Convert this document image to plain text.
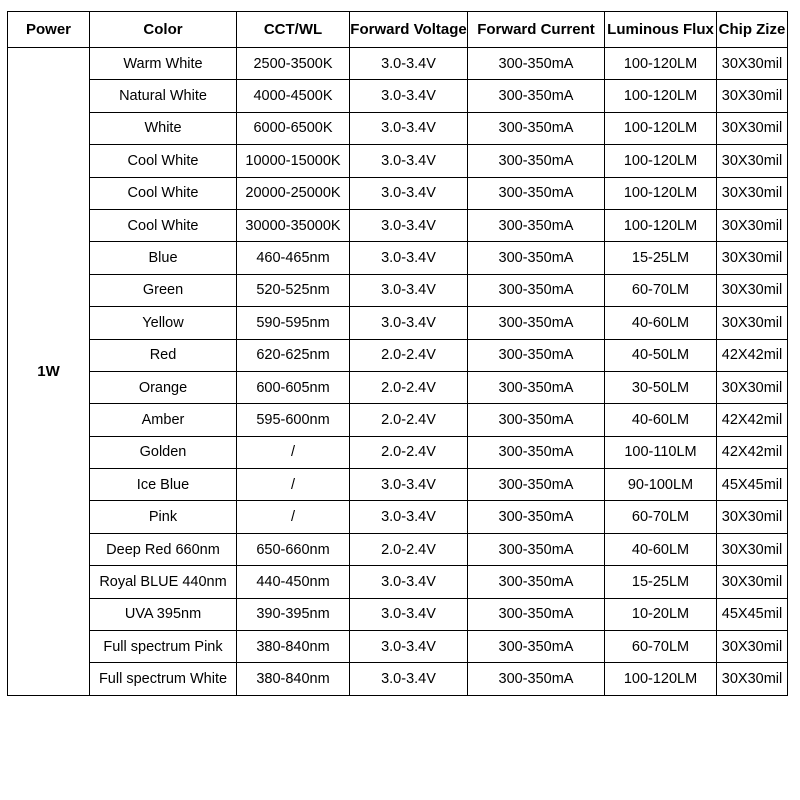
Power	Color	CCT/WL	Forward Voltage	Forward Current	Luminous Flux	Chip Zize
1W	Warm White	2500-3500K	3.0-3.4V	300-350mA	100-120LM	30X30mil
	Natural White	4000-4500K	3.0-3.4V	300-350mA	100-120LM	30X30mil
	White	6000-6500K	3.0-3.4V	300-350mA	100-120LM	30X30mil
	Cool White	10000-15000K	3.0-3.4V	300-350mA	100-120LM	30X30mil
	Cool White	20000-25000K	3.0-3.4V	300-350mA	100-120LM	30X30mil
	Cool White	30000-35000K	3.0-3.4V	300-350mA	100-120LM	30X30mil
	Blue	460-465nm	3.0-3.4V	300-350mA	15-25LM	30X30mil
	Green	520-525nm	3.0-3.4V	300-350mA	60-70LM	30X30mil
	Yellow	590-595nm	3.0-3.4V	300-350mA	40-60LM	30X30mil
	Red	620-625nm	2.0-2.4V	300-350mA	40-50LM	42X42mil
	Orange	600-605nm	2.0-2.4V	300-350mA	30-50LM	30X30mil
	Amber	595-600nm	2.0-2.4V	300-350mA	40-60LM	42X42mil
	Golden	/	2.0-2.4V	300-350mA	100-110LM	42X42mil
	Ice Blue	/	3.0-3.4V	300-350mA	90-100LM	45X45mil
	Pink	/	3.0-3.4V	300-350mA	60-70LM	30X30mil
	Deep Red 660nm	650-660nm	2.0-2.4V	300-350mA	40-60LM	30X30mil
	Royal BLUE 440nm	440-450nm	3.0-3.4V	300-350mA	15-25LM	30X30mil
	UVA 395nm	390-395nm	3.0-3.4V	300-350mA	10-20LM	45X45mil
	Full spectrum Pink	380-840nm	3.0-3.4V	300-350mA	60-70LM	30X30mil
	Full spectrum White	380-840nm	3.0-3.4V	300-350mA	100-120LM	30X30mil
